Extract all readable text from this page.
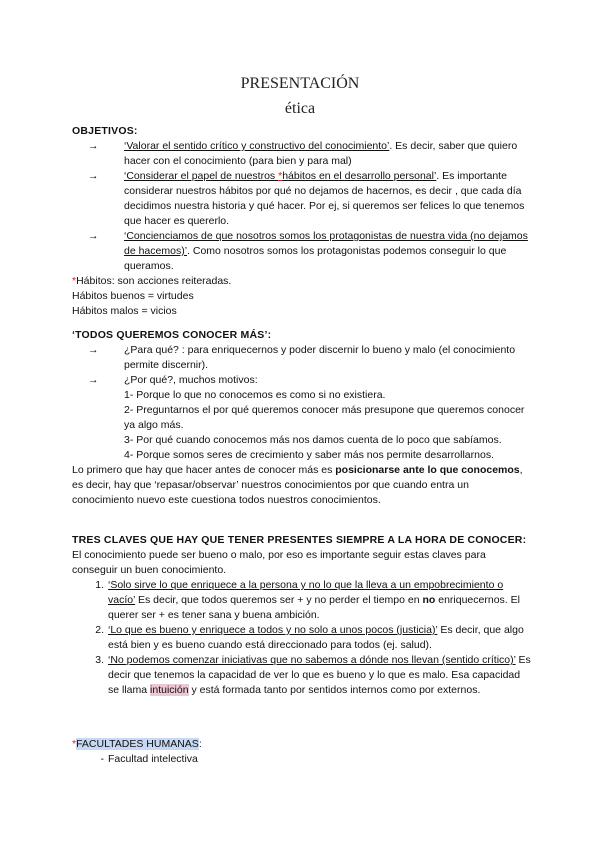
PRESENTACIÓN
ética
OBJETIVOS:
→ ‘Valorar el sentido crítico y constructivo del conocimiento’. Es decir, saber que quiero hacer con el conocimiento (para bien y para mal)
→ ‘Considerar el papel de nuestros *hábitos en el desarrollo personal’. Es importante considerar nuestros hábitos por qué no dejamos de hacernos, es decir , que cada día decidimos nuestra historia y qué hacer. Por ej, si queremos ser felices lo que tenemos que hacer es quererlo.
→ ‘Concienciamos de que nosotros somos los protagonistas de nuestra vida (no dejamos de hacemos)’. Como nosotros somos los protagonistas podemos conseguir lo que queramos.
*Hábitos: son acciones reiteradas.
Hábitos buenos = virtudes
Hábitos malos = vicios
‘TODOS QUEREMOS CONOCER MÁS’:
→ ¿Para qué? : para enriquecernos y poder discernir lo bueno y malo (el conocimiento permite discernir).
→ ¿Por qué?, muchos motivos:
1- Porque lo que no conocemos es como si no existiera.
2- Preguntarnos el por qué queremos conocer más presupone que queremos conocer ya algo más.
3- Por qué cuando conocemos más nos damos cuenta de lo poco que sabíamos.
4- Porque somos seres de crecimiento y saber más nos permite desarrollarnos.
Lo primero que hay que hacer antes de conocer más es posicionarse ante lo que conocemos, es decir, hay que ‘repasar/observar’ nuestros conocimientos por que cuando entra un conocimiento nuevo este cuestiona todos nuestros conocimientos.
TRES CLAVES QUE HAY QUE TENER PRESENTES SIEMPRE A LA HORA DE CONOCER:
El conocimiento puede ser bueno o malo, por eso es importante seguir estas claves para conseguir un buen conocimiento.
1. ‘Solo sirve lo que enriquece a la persona y no lo que la lleva a un empobrecimiento o vacío’ Es decir, que todos queremos ser + y no perder el tiempo en no enriquecernos. El querer ser + es tener sana y buena ambición.
2. ‘Lo que es bueno y enriquece a todos y no solo a unos pocos (justicia)’ Es decir, que algo está bien y es bueno cuando está direccionado para todos (ej. salud).
3. ‘No podemos comenzar iniciativas que no sabemos a dónde nos llevan (sentido crítico)’ Es decir que tenemos la capacidad de ver lo que es bueno y lo que es malo. Esa capacidad se llama intuición y está formada tanto por sentidos internos como por externos.
*FACULTADES HUMANAS:
- Facultad intelectiva
